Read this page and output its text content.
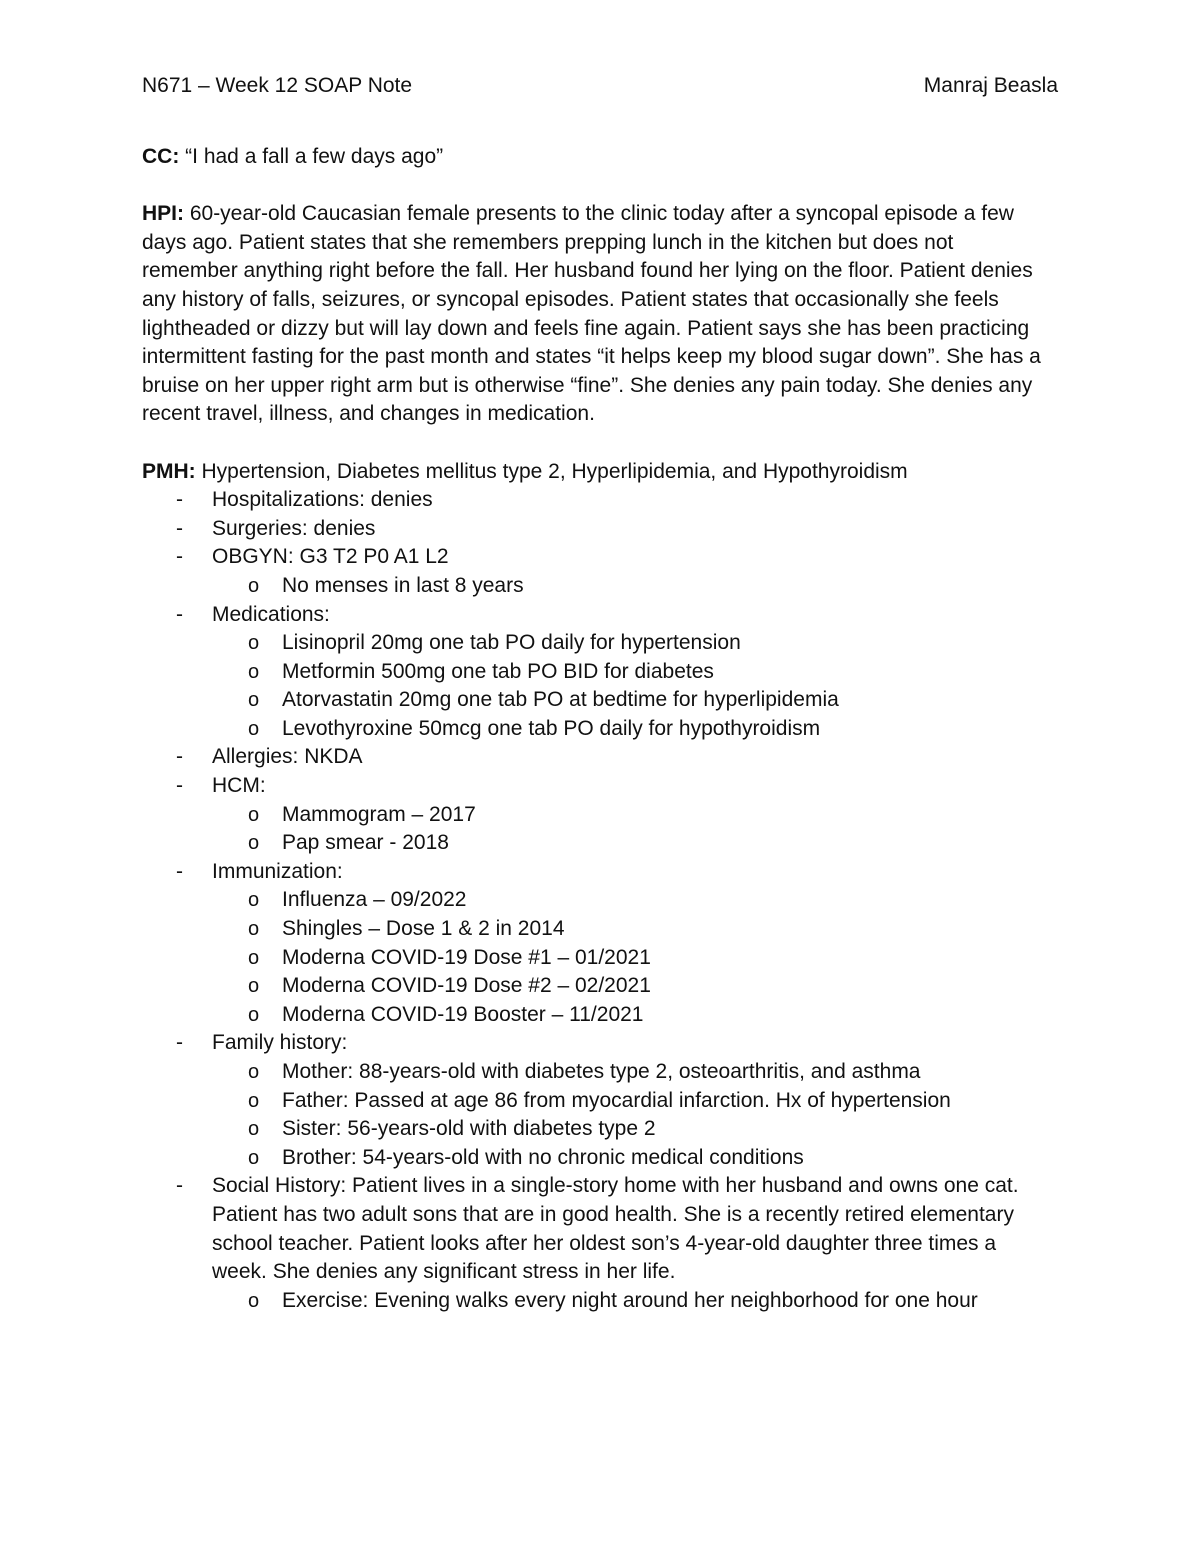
N671 – Week 12 SOAP Note	Manraj Beasla

CC: “I had a fall a few days ago”

HPI: 60-year-old Caucasian female presents to the clinic today after a syncopal episode a few days ago. Patient states that she remembers prepping lunch in the kitchen but does not remember anything right before the fall. Her husband found her lying on the floor. Patient denies any history of falls, seizures, or syncopal episodes. Patient states that occasionally she feels lightheaded or dizzy but will lay down and feels fine again. Patient says she has been practicing intermittent fasting for the past month and states “it helps keep my blood sugar down”. She has a bruise on her upper right arm but is otherwise “fine”. She denies any pain today. She denies any recent travel, illness, and changes in medication.

PMH: Hypertension, Diabetes mellitus type 2, Hyperlipidemia, and Hypothyroidism

- Hospitalizations: denies
- Surgeries: denies
- OBGYN: G3 T2 P0 A1 L2
o No menses in last 8 years
- Medications:
o Lisinopril 20mg one tab PO daily for hypertension
o Metformin 500mg one tab PO BID for diabetes
o Atorvastatin 20mg one tab PO at bedtime for hyperlipidemia
o Levothyroxine 50mcg one tab PO daily for hypothyroidism
- Allergies: NKDA
- HCM:
o Mammogram – 2017
o Pap smear - 2018
- Immunization:
o Influenza – 09/2022
o Shingles – Dose 1 & 2 in 2014
o Moderna COVID-19 Dose #1 – 01/2021
o Moderna COVID-19 Dose #2 – 02/2021
o Moderna COVID-19 Booster – 11/2021
- Family history:
o Mother: 88-years-old with diabetes type 2, osteoarthritis, and asthma
o Father: Passed at age 86 from myocardial infarction. Hx of hypertension
o Sister: 56-years-old with diabetes type 2
o Brother: 54-years-old with no chronic medical conditions
- Social History: Patient lives in a single-story home with her husband and owns one cat. Patient has two adult sons that are in good health. She is a recently retired elementary school teacher. Patient looks after her oldest son’s 4-year-old daughter three times a week. She denies any significant stress in her life.
o Exercise: Evening walks every night around her neighborhood for one hour
